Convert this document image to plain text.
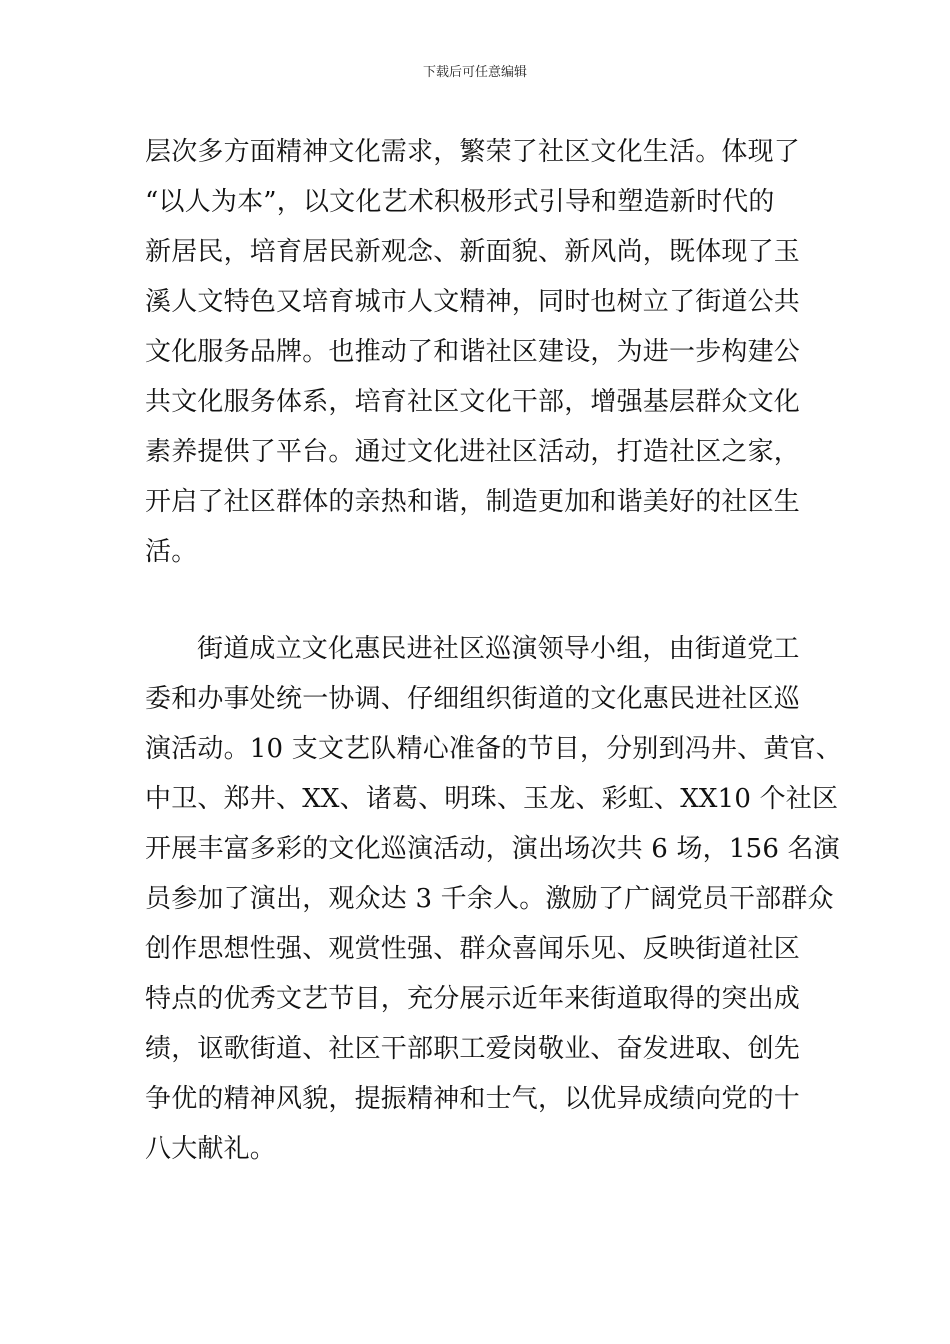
下载后可任意编辑
层次多方面精神文化需求，繁荣了社区文化生活。体现了
“以人为本”，以文化艺术积极形式引导和塑造新时代的
新居民，培育居民新观念、新面貌、新风尚，既体现了玉
溪人文特色又培育城市人文精神，同时也树立了街道公共
文化服务品牌。也推动了和谐社区建设，为进一步构建公
共文化服务体系，培育社区文化干部，增强基层群众文化
素养提供了平台。通过文化进社区活动，打造社区之家，
开启了社区群体的亲热和谐，制造更加和谐美好的社区生
活。
街道成立文化惠民进社区巡演领导小组，由街道党工
委和办事处统一协调、仔细组织街道的文化惠民进社区巡
演活动。10 支文艺队精心准备的节目，分别到冯井、黄官、
中卫、郑井、XX、诸葛、明珠、玉龙、彩虹、XX10 个社区
开展丰富多彩的文化巡演活动，演出场次共 6 场，156 名演
员参加了演出，观众达 3 千余人。激励了广阔党员干部群众
创作思想性强、观赏性强、群众喜闻乐见、反映街道社区
特点的优秀文艺节目，充分展示近年来街道取得的突出成
绩，讴歌街道、社区干部职工爱岗敬业、奋发进取、创先
争优的精神风貌，提振精神和士气，以优异成绩向党的十
八大献礼。
